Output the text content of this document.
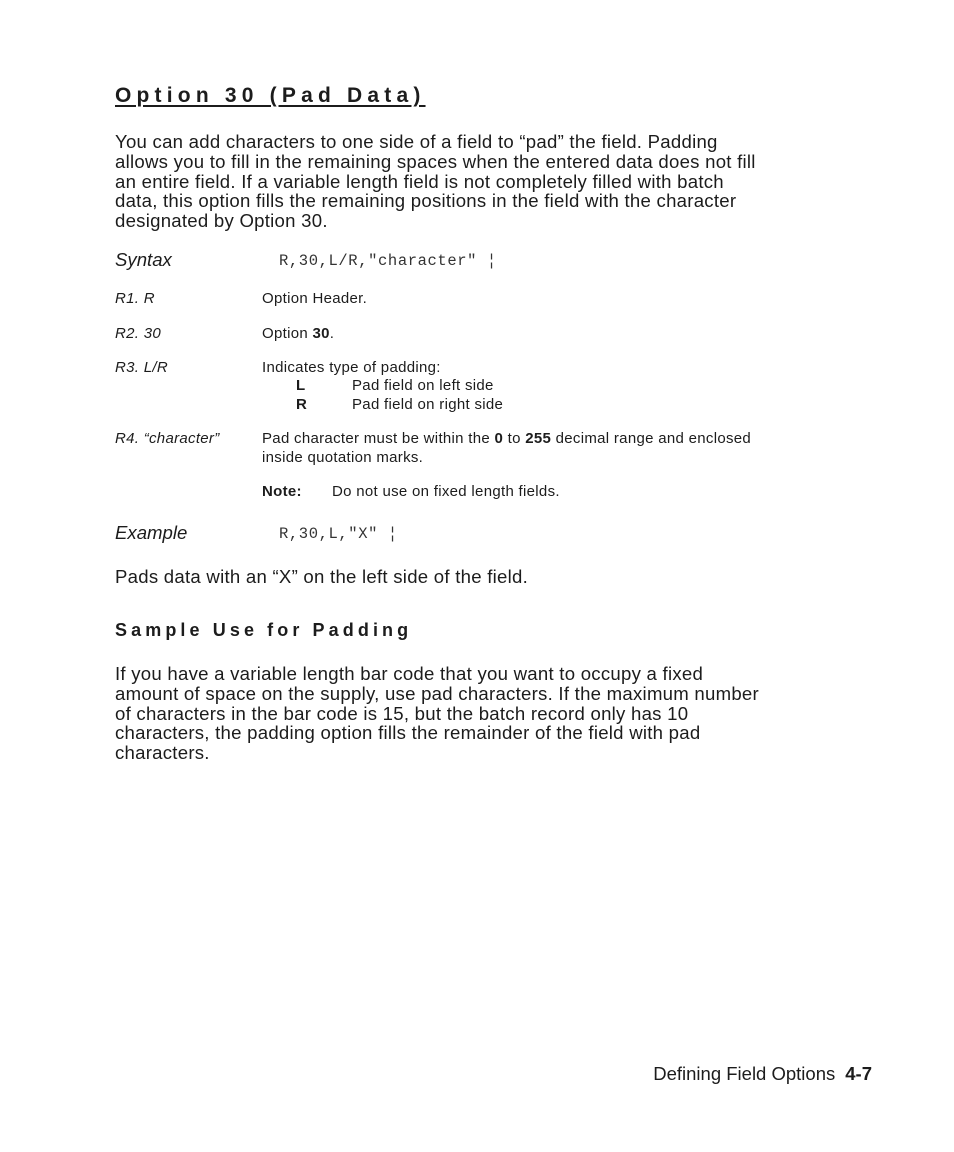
Option 30 (Pad Data)
You can add characters to one side of a field to “pad” the field. Padding
allows you to fill in the remaining spaces when the entered data does not fill
an entire field. If a variable length field is not completely filled with batch
data, this option fills the remaining positions in the field with the character
designated by Option 30.
Syntax	R,30,L/R,"character" ¦
R1. R	Option Header.
R2. 30	Option 30.
R3. L/R	Indicates type of padding:
L	Pad field on left side
R	Pad field on right side
R4. “character”	Pad character must be within the 0 to 255 decimal range and enclosed
inside quotation marks.
Note: Do not use on fixed length fields.
Example	R,30,L,"X" ¦
Pads data with an “X” on the left side of the field.
Sample Use for Padding
If you have a variable length bar code that you want to occupy a fixed
amount of space on the supply, use pad characters. If the maximum number
of characters in the bar code is 15, but the batch record only has 10
characters, the padding option fills the remainder of the field with pad
characters.
Defining Field Options 4-7
